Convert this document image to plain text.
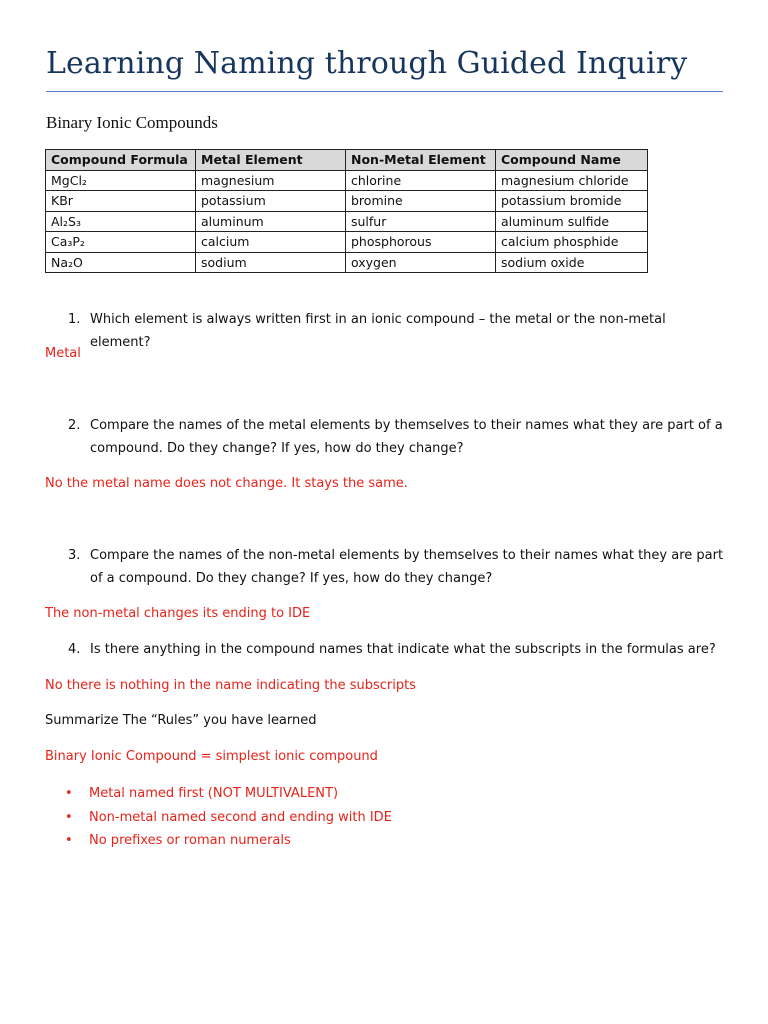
Learning Naming through Guided Inquiry
Binary Ionic Compounds
Compound Formula	Metal Element	Non-Metal Element	Compound Name
MgCl₂	magnesium	chlorine	magnesium chloride
KBr	potassium	bromine	potassium bromide
Al₂S₃	aluminum	sulfur	aluminum sulfide
Ca₃P₂	calcium	phosphorous	calcium phosphide
Na₂O	sodium	oxygen	sodium oxide
1. Which element is always written first in an ionic compound – the metal or the non-metal element?
Metal
2. Compare the names of the metal elements by themselves to their names what they are part of a compound. Do they change? If yes, how do they change?
No the metal name does not change. It stays the same.
3. Compare the names of the non-metal elements by themselves to their names what they are part of a compound. Do they change? If yes, how do they change?
The non-metal changes its ending to IDE
4. Is there anything in the compound names that indicate what the subscripts in the formulas are?
No there is nothing in the name indicating the subscripts
Summarize The “Rules” you have learned
Binary Ionic Compound = simplest ionic compound
• Metal named first (NOT MULTIVALENT)
• Non-metal named second and ending with IDE
• No prefixes or roman numerals
